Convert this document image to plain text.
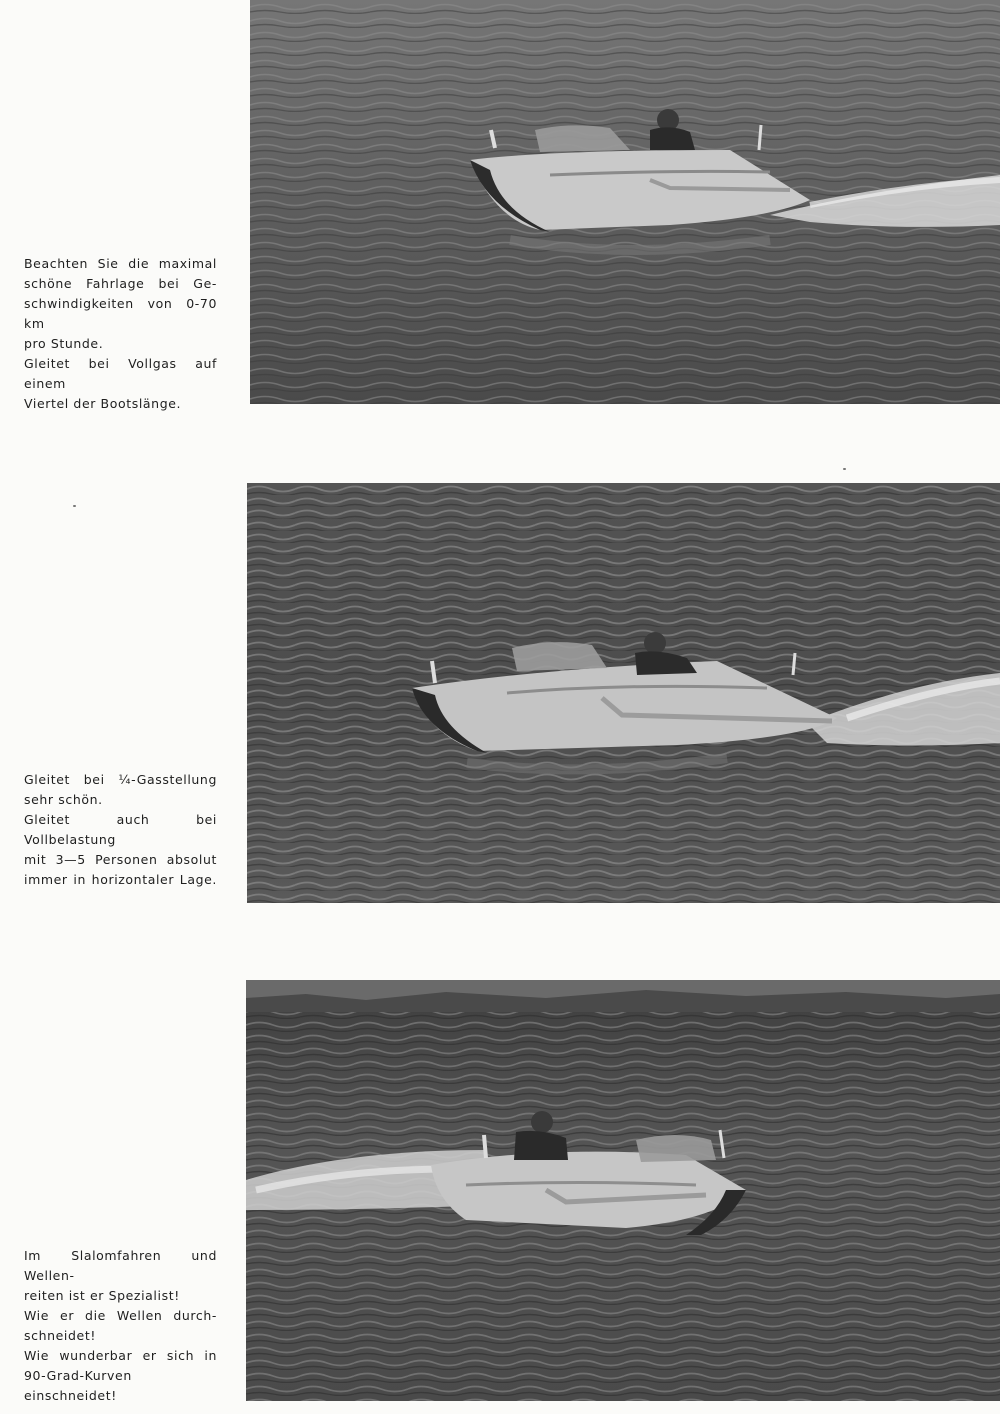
Beachten Sie die maximal

schöne Fahrlage bei Ge-

schwindigkeiten von 0-70 km

pro Stunde.

Gleitet bei Vollgas auf einem

Viertel der Bootslänge.

Gleitet bei ¼-Gasstellung

sehr schön.

Gleitet auch bei Vollbelastung

mit 3—5 Personen absolut

immer in horizontaler Lage.

Im Slalomfahren und Wellen-

reiten ist er Spezialist!

Wie er die Wellen durch-

schneidet!

Wie wunderbar er sich in

90-Grad-Kurven einschneidet!
